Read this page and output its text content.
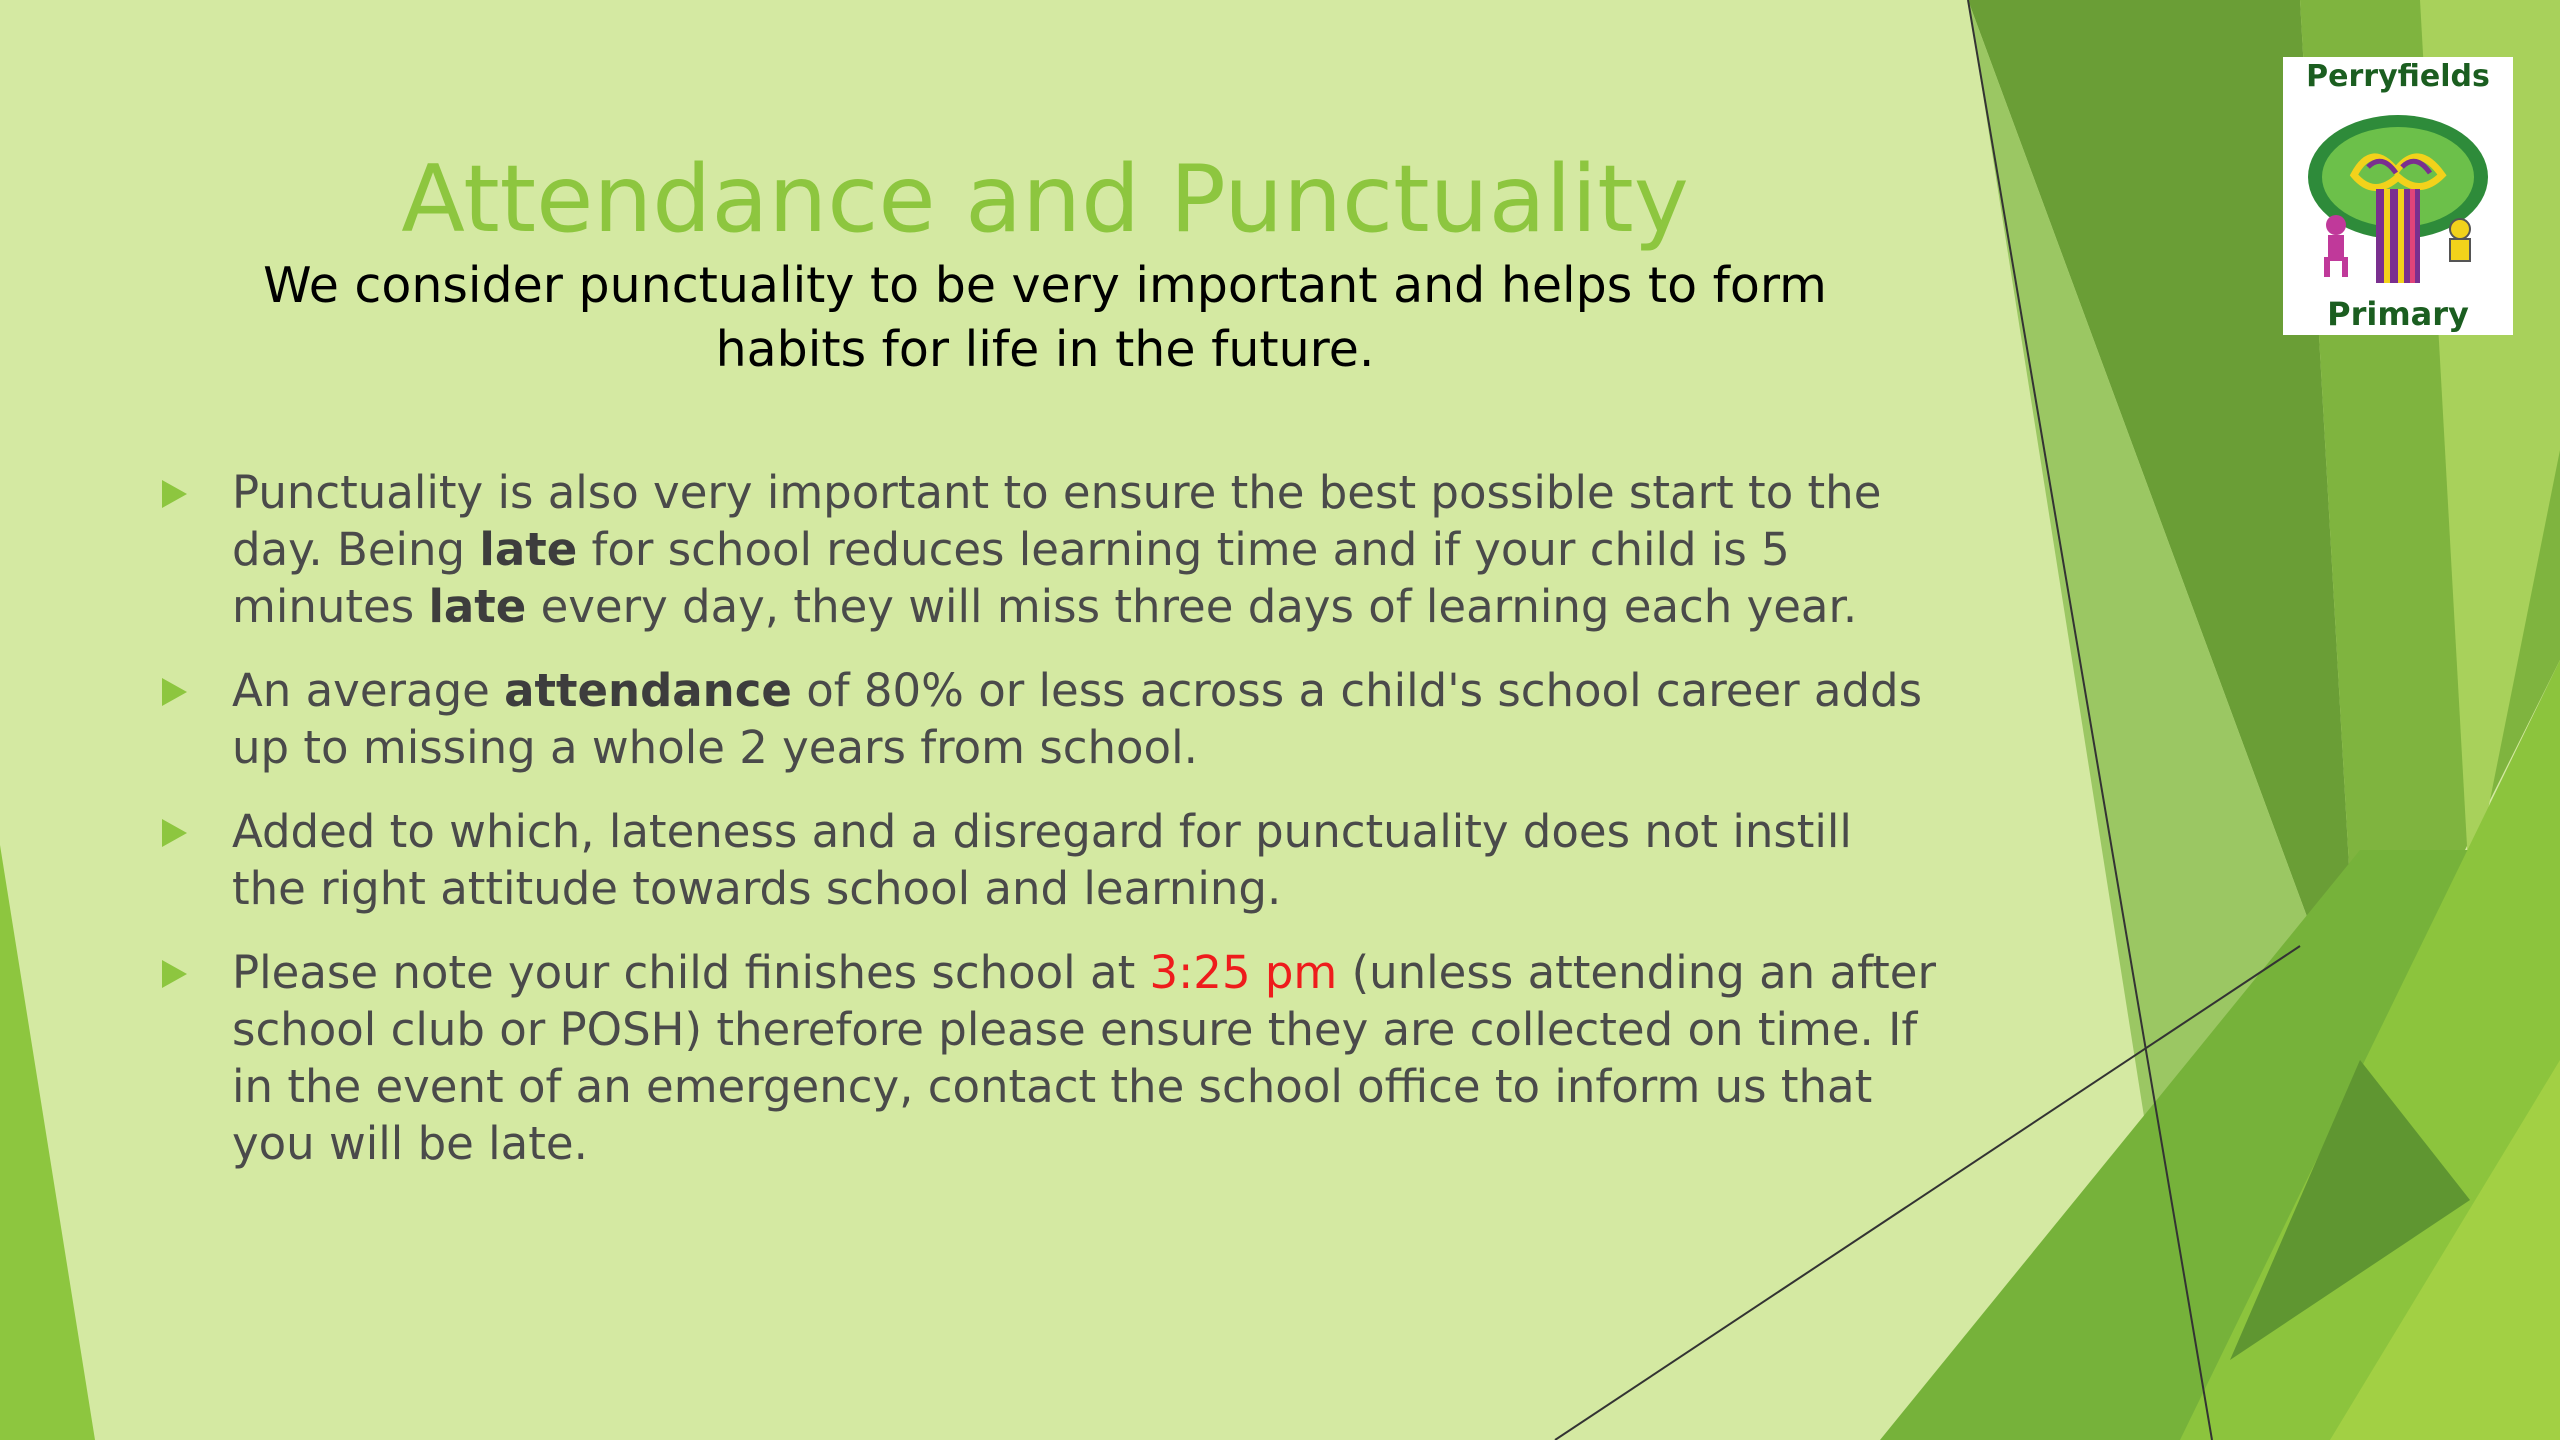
Perryfields
Primary
Attendance and Punctuality
We consider punctuality to be very important and helps to form habits for life in the future.
Punctuality is also very important to ensure the best possible start to the day. Being late for school reduces learning time and if your child is 5 minutes late every day, they will miss three days of learning each year.
An average attendance of 80% or less across a child's school career adds up to missing a whole 2 years from school.
Added to which, lateness and a disregard for punctuality does not instill the right attitude towards school and learning.
Please note your child finishes school at 3:25 pm (unless attending an after school club or POSH) therefore please ensure they are collected on time. If in the event of an emergency, contact the school office to inform us that you will be late.
